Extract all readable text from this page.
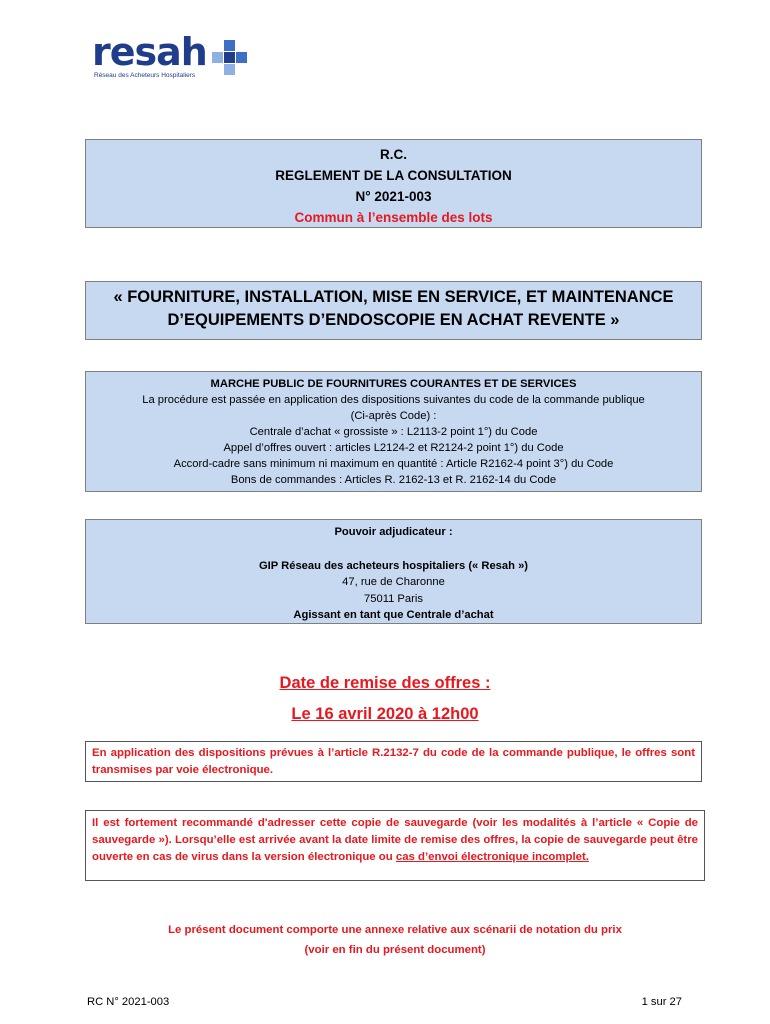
resah
Réseau des Acheteurs Hospitaliers
R.C.
REGLEMENT DE LA CONSULTATION
N° 2021-003
Commun à l’ensemble des lots
« FOURNITURE, INSTALLATION, MISE EN SERVICE, ET MAINTENANCE
D’EQUIPEMENTS D’ENDOSCOPIE EN ACHAT REVENTE »
MARCHE PUBLIC DE FOURNITURES COURANTES ET DE SERVICES
La procédure est passée en application des dispositions suivantes du code de la commande publique
(Ci-après Code) :
Centrale d’achat « grossiste » : L2113-2 point 1°) du Code
Appel d’offres ouvert : articles L2124-2 et R2124-2 point 1°) du Code
Accord-cadre sans minimum ni maximum en quantité : Article R2162-4 point 3°) du Code
Bons de commandes : Articles R. 2162-13 et R. 2162-14 du Code
Pouvoir adjudicateur :
GIP Réseau des acheteurs hospitaliers (« Resah »)
47, rue de Charonne
75011 Paris
Agissant en tant que Centrale d’achat
Date de remise des offres :
Le 16 avril 2020 à 12h00
En application des dispositions prévues à l’article R.2132-7 du code de la commande publique, le offres sont transmises par voie électronique.
Il est fortement recommandé d'adresser cette copie de sauvegarde (voir les modalités à l’article « Copie de sauvegarde »). Lorsqu’elle est arrivée avant la date limite de remise des offres, la copie de sauvegarde peut être ouverte en cas de virus dans la version électronique ou cas d’envoi électronique incomplet.
Le présent document comporte une annexe relative aux scénarii de notation du prix
(voir en fin du présent document)
RC N° 2021-003	1 sur 27
